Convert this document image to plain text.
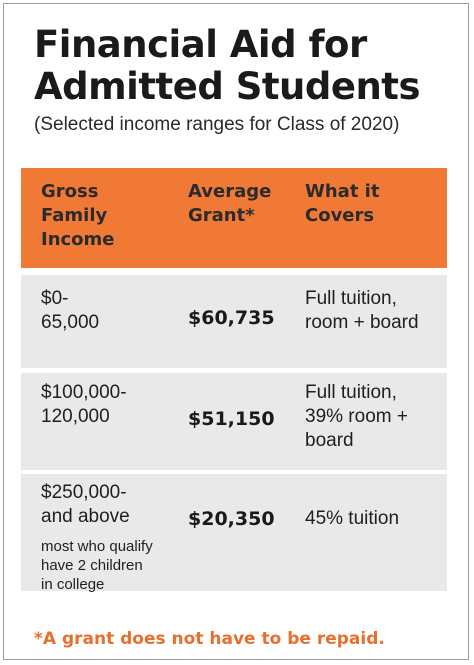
Financial Aid for
Admitted Students
(Selected income ranges for Class of 2020)
Gross
Family
Income
Average
Grant*
What it
Covers
$0-
65,000	$60,735
Full tuition,
room + board
$100,000-
120,000	$51,150
Full tuition,
39% room +
board
$250,000-
and above
most who qualify
have 2 children
in college
$20,350 45% tuition
*A grant does not have to be repaid.
